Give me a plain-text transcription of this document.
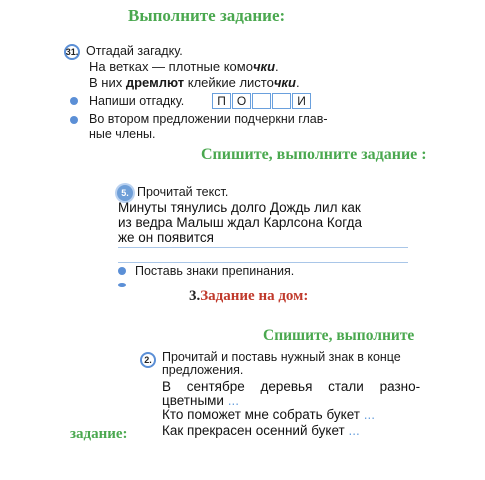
Выполните задание:
31. Отгадай загадку.
На ветках — плотные комочки.
В них дремлют клейкие листочки.
Напиши отгадку.	П О	И
Во втором предложении подчеркни глав-
ные члены.
Спишите, выполните задание :
5. Прочитай текст.
Минуты тянулись долго Дождь лил как
из ведра Малыш ждал Карлсона Когда
же он появится
Поставь знаки препинания.
3.Задание на дом:
Спишите, выполните
2. Прочитай и поставь нужный знак в конце
предложения.
В сентябре деревья стали разно-
цветными ...
Кто поможет мне собрать букет ...
Как прекрасен осенний букет ...
задание:
